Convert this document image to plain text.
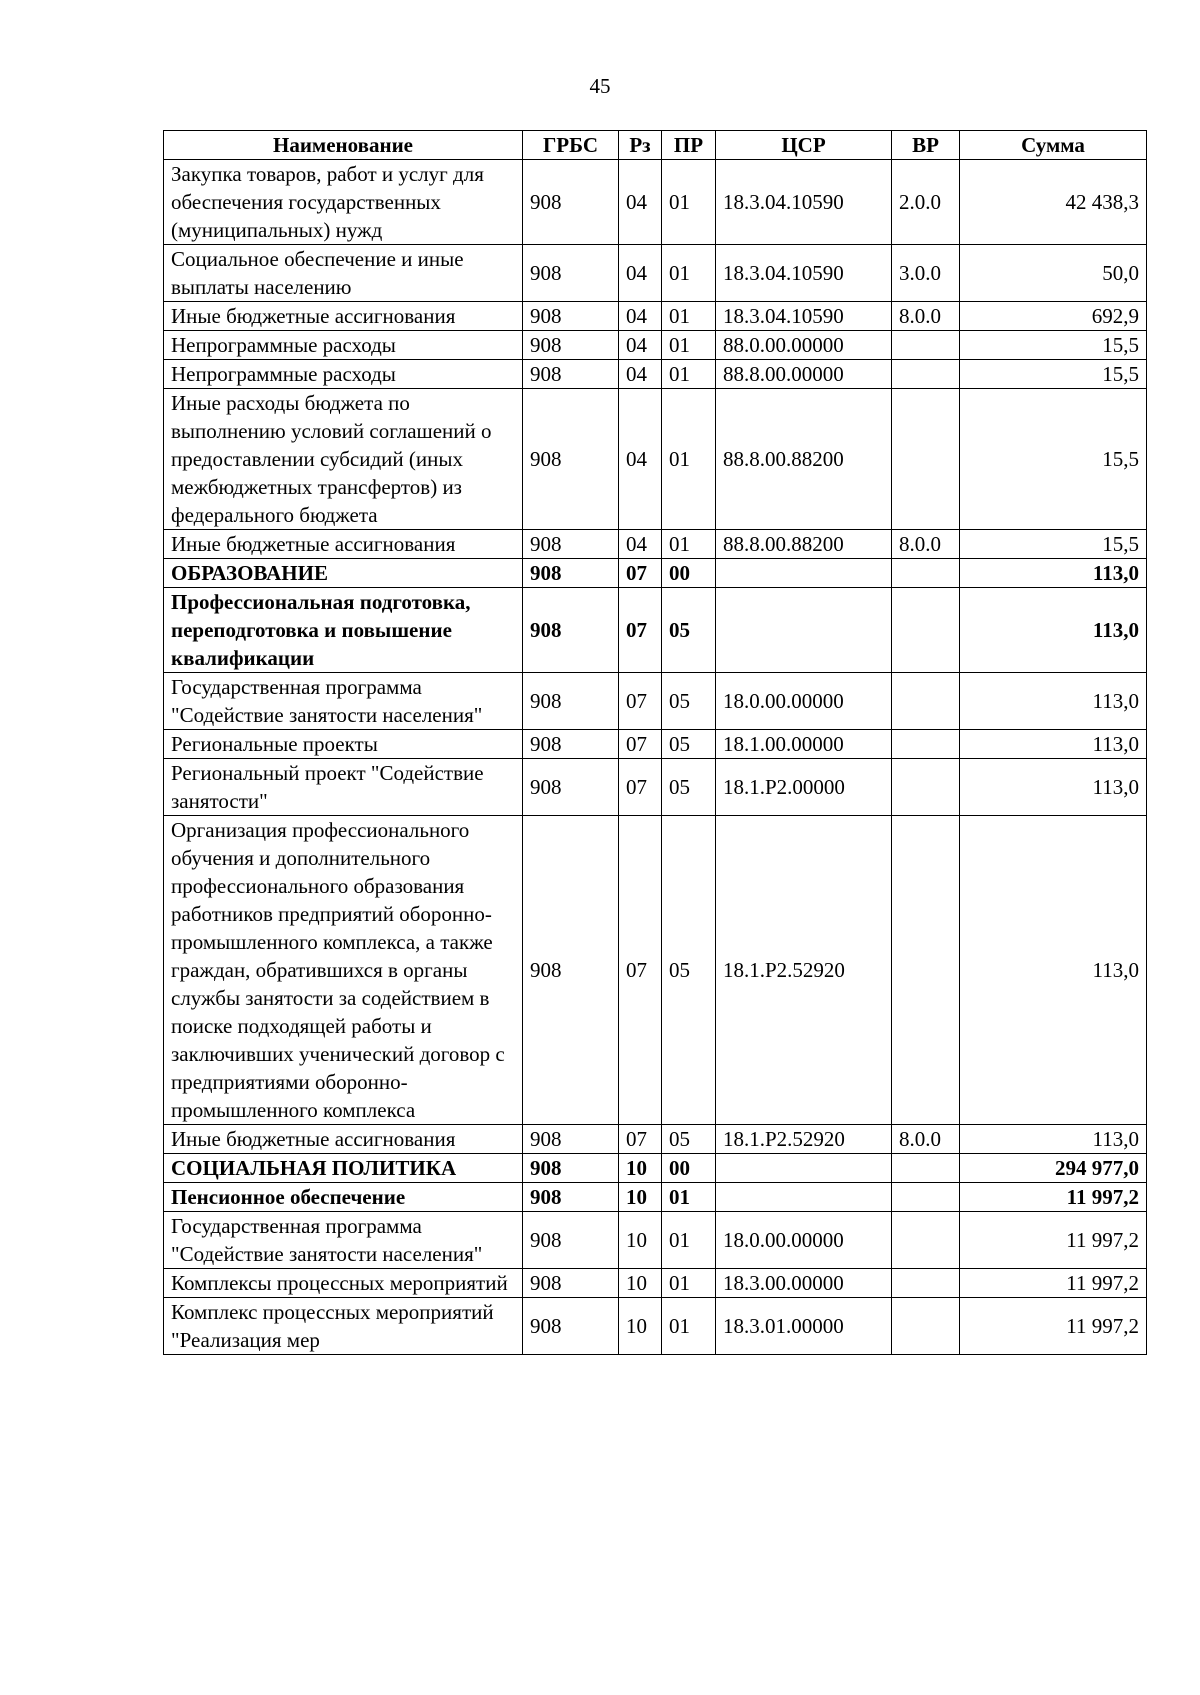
45
Наименование	ГРБС	Рз	ПР	ЦСР	ВР	Сумма
Закупка товаров, работ и услуг для обеспечения государственных (муниципальных) нужд	908	04	01	18.3.04.10590	2.0.0	42 438,3
Социальное обеспечение и иные выплаты населению	908	04	01	18.3.04.10590	3.0.0	50,0
Иные бюджетные ассигнования	908	04	01	18.3.04.10590	8.0.0	692,9
Непрограммные расходы	908	04	01	88.0.00.00000		15,5
Непрограммные расходы	908	04	01	88.8.00.00000		15,5
Иные расходы бюджета по выполнению условий соглашений о предоставлении субсидий (иных межбюджетных трансфертов) из федерального бюджета	908	04	01	88.8.00.88200		15,5
Иные бюджетные ассигнования	908	04	01	88.8.00.88200	8.0.0	15,5
ОБРАЗОВАНИЕ	908	07	00			113,0
Профессиональная подготовка, переподготовка и повышение квалификации	908	07	05			113,0
Государственная программа "Содействие занятости населения"	908	07	05	18.0.00.00000		113,0
Региональные проекты	908	07	05	18.1.00.00000		113,0
Региональный проект "Содействие занятости"	908	07	05	18.1.P2.00000		113,0
Организация профессионального обучения и дополнительного профессионального образования работников предприятий оборонно-промышленного комплекса, а также граждан, обратившихся в органы службы занятости за содействием в поиске подходящей работы и заключивших ученический договор с предприятиями оборонно-промышленного комплекса	908	07	05	18.1.P2.52920		113,0
Иные бюджетные ассигнования	908	07	05	18.1.P2.52920	8.0.0	113,0
СОЦИАЛЬНАЯ ПОЛИТИКА	908	10	00			294 977,0
Пенсионное обеспечение	908	10	01			11 997,2
Государственная программа "Содействие занятости населения"	908	10	01	18.0.00.00000		11 997,2
Комплексы процессных мероприятий	908	10	01	18.3.00.00000		11 997,2
Комплекс процессных мероприятий "Реализация мер	908	10	01	18.3.01.00000		11 997,2
